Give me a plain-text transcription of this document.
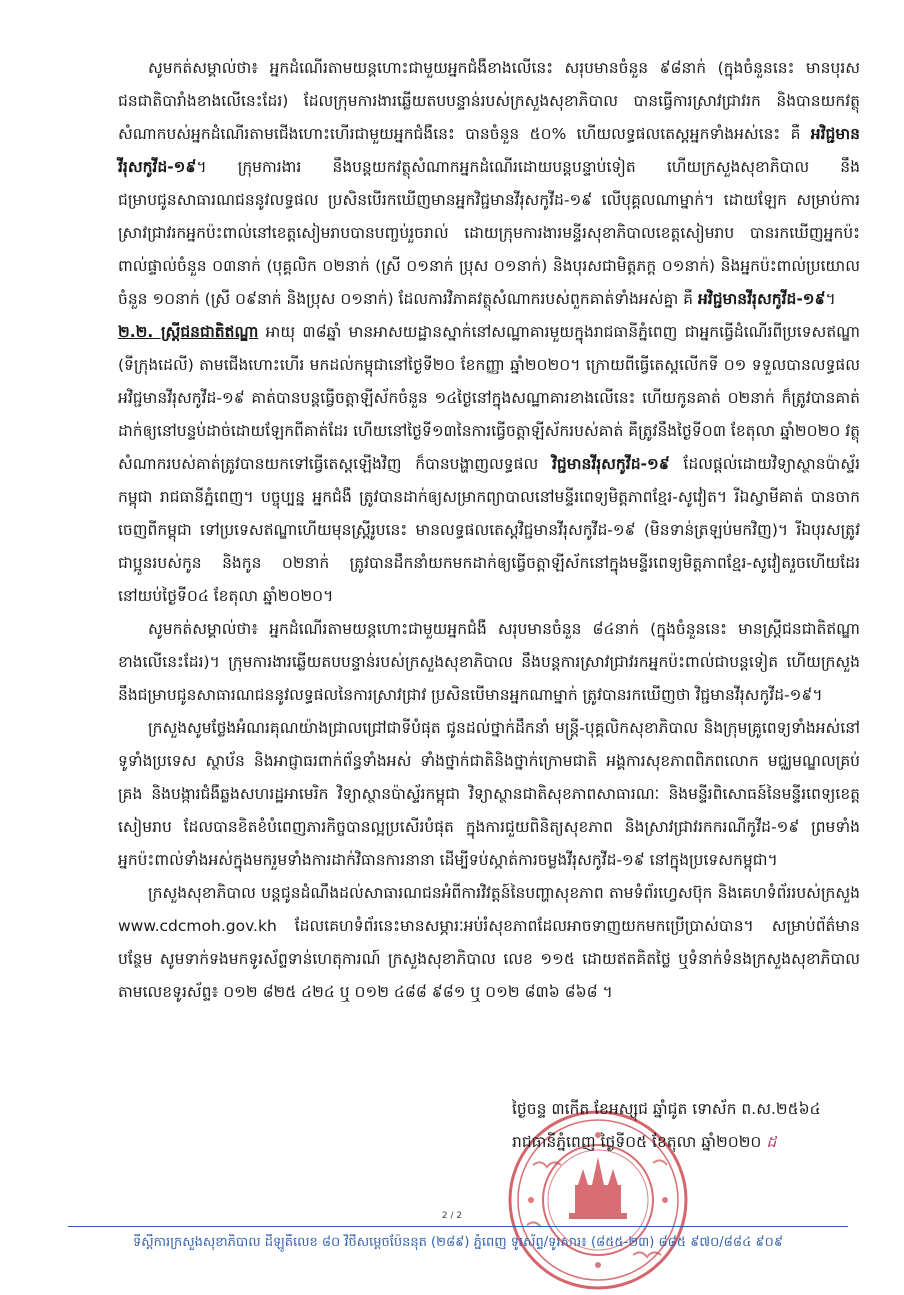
សូមកត់សម្គាល់ថា៖ អ្នកដំណើរតាមយន្តហោះជាមួយអ្នកជំងឺខាងលើនេះ សរុបមានចំនួន ៩៨នាក់ (ក្នុងចំនួននេះ មានបុរសជនជាតិបារាំងខាងលើនេះដែរ) ដែលក្រុមការងារឆ្លើយតបបន្ទាន់របស់ក្រសួងសុខាភិបាល បានធ្វើការស្រាវជ្រាវរក និងបានយកវត្ថុសំណាកបស់អ្នកដំណើរតាមជើងហោះហើរជាមួយអ្នកជំងឺនេះ បានចំនួន ៥០% ហើយលទ្ធផលតេស្តអ្នកទាំងអស់នេះ គឺ អវិជ្ជមានវីរុសកូវីដ-១៩។ ក្រុមការងារ នឹងបន្តយកវត្ថុសំណាកអ្នកដំណើរដោយបន្តបន្ទាប់ទៀត ហើយក្រសួងសុខាភិបាល នឹងជម្រាបជូនសាធារណជននូវលទ្ធផល ប្រសិនបើរកឃើញមានអ្នកវិជ្ជមានវីរុសកូវីដ-១៩ លើបុគ្គលណាម្នាក់។ ដោយឡែក សម្រាប់ការស្រាវជ្រាវរកអ្នកប៉ះពាល់នៅខេត្តសៀមរាបបានបញ្ចប់រួចរាល់ ដោយក្រុមការងារមន្ទីរសុខាភិបាលខេត្តសៀមរាប បានរកឃើញអ្នកប៉ះពាល់ផ្ទាល់ចំនួន ០៣នាក់ (បុគ្គលិក ០២នាក់ (ស្រី ០១នាក់ ប្រុស ០១នាក់) និងបុរសជាមិត្តភក្ត ០១នាក់) និងអ្នកប៉ះពាល់ប្រយោលចំនួន ១០នាក់ (ស្រី ០៩នាក់ និងប្រុស ០១នាក់) ដែលការវិភាគវត្ថុសំណាករបស់ពួកគាត់ទាំងអស់គ្នា គឺ អវិជ្ជមានវីរុសកូវីដ-១៩។

២.២. ស្ត្រីជនជាតិឥណ្ឌា អាយុ ៣៨ឆ្នាំ មានអាសយដ្ឋានស្នាក់នៅសណ្ឋាគារមួយក្នុងរាជធានីភ្នំពេញ ជាអ្នកធ្វើដំណើរពីប្រទេសឥណ្ឌា (ទីក្រុងដេលី) តាមជើងហោះហើរ មកដល់កម្ពុជានៅថ្ងៃទី២០ ខែកញ្ញា ឆ្នាំ២០២០។ ក្រោយពីធ្វើតេស្តលើកទី ០១ ទទួលបានលទ្ធផល អវិជ្ជមានវីរុសកូវីដ-១៩ គាត់បានបន្តធ្វើចត្តាឡីស័កចំនួន ១៤ថ្ងៃនៅក្នុងសណ្ឋាគារខាងលើនេះ ហើយកូនគាត់ ០២នាក់ ក៏ត្រូវបានគាត់ដាក់ឲ្យនៅបន្ទប់ដាច់ដោយឡែកពីគាត់ដែរ ហើយនៅថ្ងៃទី១៣នៃការធ្វើចត្តាឡីស័ករបស់គាត់ គឺត្រូវនឹងថ្ងៃទី០៣ ខែតុលា ឆ្នាំ២០២០ វត្ថុសំណាករបស់គាត់ត្រូវបានយកទៅធ្វើតេស្តឡើងវិញ ក៏បានបង្ហាញលទ្ធផល វិជ្ជមានវីរុសកូវីដ-១៩ ដែលផ្តល់ដោយវិទ្យាស្ថានប៉ាស្ទ័រកម្ពុជា រាជធានីភ្នំពេញ។ បច្ចុប្បន្ន អ្នកជំងឺ ត្រូវបានដាក់ឲ្យសម្រាកព្យាបាលនៅមន្ទីរពេទ្យមិត្តភាពខ្មែរ-សូវៀត។ រីឯស្វាមីគាត់ បានចាកចេញពីកម្ពុជា ទៅប្រទេសឥណ្ឌាហើយមុនស្ត្រីរូបនេះ មានលទ្ធផលតេស្តវិជ្ជមានវីរុសកូវីដ-១៩ (មិនទាន់ត្រឡប់មកវិញ)។ រីឯបុរសត្រូវជាប្អូនរបស់កូន និងកូន ០២នាក់ ត្រូវបានដឹកនាំយកមកដាក់ឲ្យធ្វើចត្តាឡីស័កនៅក្នុងមន្ទីរពេទ្យមិត្តភាពខ្មែរ-សូវៀតរួចហើយដែរ នៅយប់ថ្ងៃទី០៤ ខែតុលា ឆ្នាំ២០២០។

សូមកត់សម្គាល់ថា៖ អ្នកដំណើរតាមយន្តហោះជាមួយអ្នកជំងឺ សរុបមានចំនួន ៨៤នាក់ (ក្នុងចំនួននេះ មានស្ត្រីជនជាតិឥណ្ឌាខាងលើនេះដែរ)។ ក្រុមការងារឆ្លើយតបបន្ទាន់របស់ក្រសួងសុខាភិបាល នឹងបន្តការស្រាវជ្រាវរកអ្នកប៉ះពាល់ជាបន្តទៀត ហើយក្រសួង នឹងជម្រាបជូនសាធារណជននូវលទ្ធផលនៃការស្រាវជ្រាវ ប្រសិនបើមានអ្នកណាម្នាក់ ត្រូវបានរកឃើញថា វិជ្ជមានវីរុសកូវីដ-១៩។

ក្រសួងសូមថ្លែងអំណរគុណយ៉ាងជ្រាលជ្រៅជាទីបំផុត ជូនដល់ថ្នាក់ដឹកនាំ មន្ត្រី-បុគ្គលិកសុខាភិបាល និងក្រុមគ្រូពេទ្យទាំងអស់នៅទូទាំងប្រទេស ស្ថាប័ន និងអាជ្ញាធរពាក់ព័ន្ធទាំងអស់ ទាំងថ្នាក់ជាតិនិងថ្នាក់ក្រោមជាតិ អង្គការសុខភាពពិភពលោក មជ្ឈមណ្ឌលគ្រប់គ្រង និងបង្ការជំងឺឆ្លងសហរដ្ឋអាមេរិក វិទ្យាស្ថានប៉ាស្ទ័រកម្ពុជា វិទ្យាស្ថានជាតិសុខភាពសាធារណៈ និងមន្ទីរពិសោធន៍នៃមន្ទីរពេទ្យខេត្តសៀមរាប ដែលបានខិតខំបំពេញភារកិច្ចបានល្អប្រសើរបំផុត ក្នុងការជួយពិនិត្យសុខភាព និងស្រាវជ្រាវរកករណីកូវីដ-១៩ ព្រមទាំងអ្នកប៉ះពាល់ទាំងអស់ក្នុងមករួមទាំងការដាក់វិធានការនានា ដើម្បីទប់ស្កាត់ការចម្លងវីរុសកូវីដ-១៩ នៅក្នុងប្រទេសកម្ពុជា។

ក្រសួងសុខាភិបាល បន្តជូនដំណឹងដល់សាធារណជនអំពីការវិវត្តន៍នៃបញ្ហាសុខភាព តាមទំព័រហ្វេសប៊ុក និងគេហទំព័ររបស់ក្រសួង www.cdcmoh.gov.kh ដែលគេហទំព័រនេះមានសម្ភារៈអប់រំសុខភាពដែលអាចទាញយកមកប្រើប្រាស់បាន។ សម្រាប់ព័ត៌មានបន្ថែម សូមទាក់ទងមកទូរស័ព្ទទាន់ហេតុការណ៍ ក្រសួងសុខាភិបាល លេខ ១១៥ ដោយឥតគិតថ្លៃ ឬទំនាក់ទំនងក្រសួងសុខាភិបាល តាមលេខទូរស័ព្ទ៖ ០១២ ៨២៥ ៤២៤ ឬ ០១២ ៤៨៨ ៩៨១ ឬ ០១២ ៨៣៦ ៨៦៨ ។

ថ្ងៃចន្ទ ៣កើត ខែអស្សុជ ឆ្នាំជូត ទោស័ក ព.ស.២៥៦៤
រាជធានីភ្នំពេញ ថ្ងៃទី០៥ ខែតុលា ឆ្នាំ២០២០ ដ
2 / 2
ទីស្តីការក្រសួងសុខាភិបាល ដីឡូតិ៍លេខ ៨០ វិថីសម្តេចប៉ែននុត (២៨៩) ភ្នំពេញ ទូរស័ព្ទ/ទូរសារ៖ (៨៥៥-២៣) ៨៨៥ ៩៧០/៨៨៤ ៩០៩
